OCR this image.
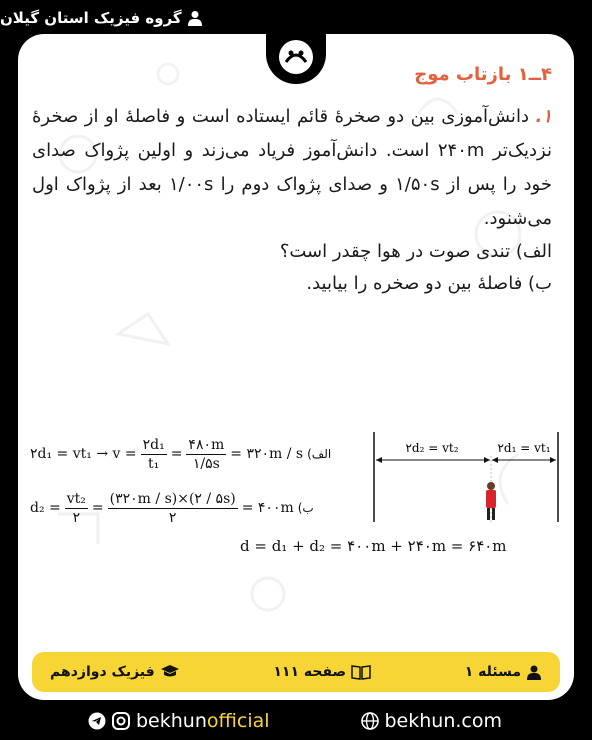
گروه فیزیک استان گیلان
۴ــ۱ بازتاب موج
۱. دانش‌آموزی بین دو صخرهٔ قائم ایستاده است و فاصلهٔ او از صخرهٔ نزدیک‌تر ۲۴۰m است. دانش‌آموز فریاد می‌زند و اولین پژواک صدای خود را پس از ۱/۵۰s و صدای پژواک دوم را ۱/۰۰s بعد از پژواک اول می‌شنود.
الف) تندی صوت در هوا چقدر است؟
ب) فاصلهٔ بین دو صخره را بیابید.
۲d₁ = $vt_1 \to v = \frac{\text{۲d₁}}{\text{t₁}} = \frac{۴۸۰m}{۱/۵s}$ = ۳۲۰m / s الف)
$d_2 = \frac{\text{vt₂}}{۲} = \frac{(۳۲۰m / s)\times(۲ / ۵s)}{۲}$ = ۴۰۰m ب)
۲d₂ = vt₂	۲d₁ = vt₁
d = d₁ + d₂ = ۴۰۰m + ۲۴۰m = ۶۴۰m
مسئله ۱
صفحه ۱۱۱
فیزیک دوازدهم
bekhunofficial	bekhun.com
